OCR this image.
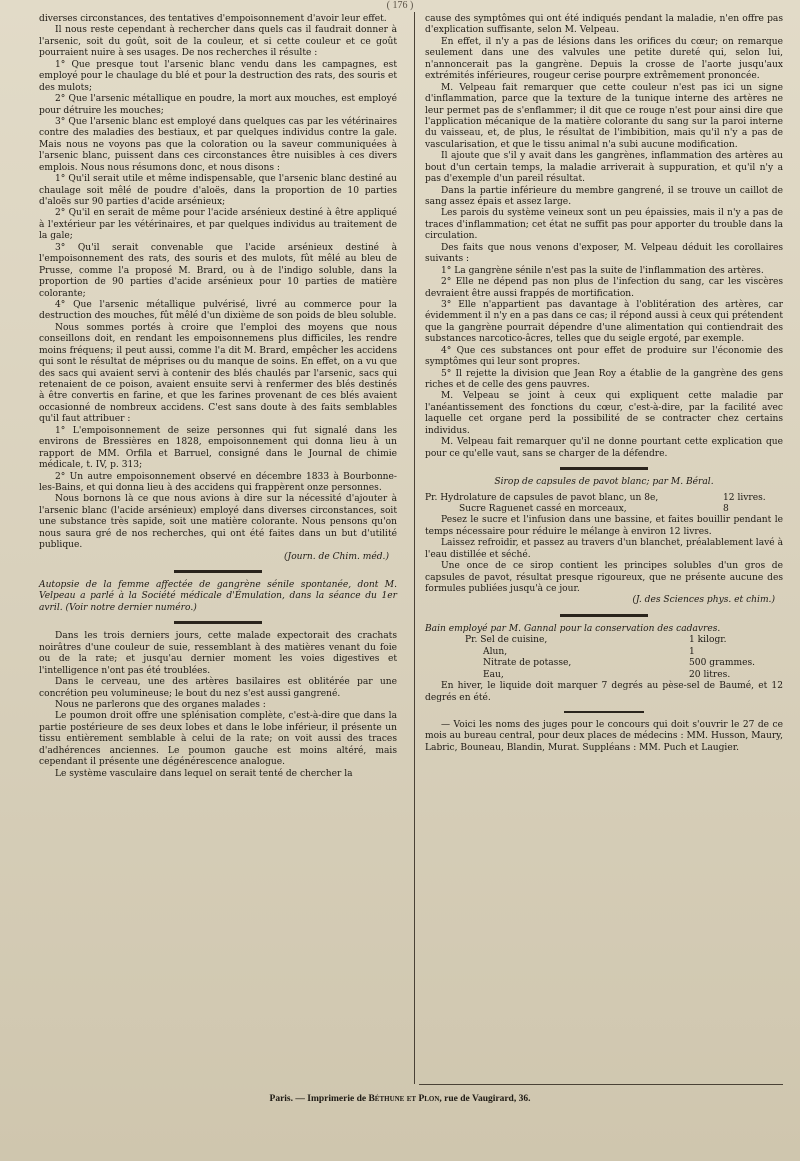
( 176 )

diverses circonstances, des tentatives d'empoisonnement d'avoir leur effet.

Il nous reste cependant à rechercher dans quels cas il faudrait donner à l'arsenic, soit du goût, soit de la couleur, et si cette couleur et ce goût pourraient nuire à ses usages. De nos recherches il résulte :

1° Que presque tout l'arsenic blanc vendu dans les campagnes, est employé pour le chaulage du blé et pour la destruction des rats, des souris et des mulots;

2° Que l'arsenic métallique en poudre, la mort aux mouches, est employé pour détruire les mouches;

3° Que l'arsenic blanc est employé dans quelques cas par les vétérinaires contre des maladies des bestiaux, et par quelques individus contre la gale. Mais nous ne voyons pas que la coloration ou la saveur communiquées à l'arsenic blanc, puissent dans ces circonstances être nuisibles à ces divers emplois. Nous nous résumons donc, et nous disons :

1° Qu'il serait utile et même indispensable, que l'arsenic blanc destiné au chaulage soit mêlé de poudre d'aloës, dans la proportion de 10 parties d'aloës sur 90 parties d'acide arsénieux;

2° Qu'il en serait de même pour l'acide arsénieux destiné à être appliqué à l'extérieur par les vétérinaires, et par quelques individus au traitement de la gale;

3° Qu'il serait convenable que l'acide arsénieux destiné à l'empoisonnement des rats, des souris et des mulots, fût mêlé au bleu de Prusse, comme l'a proposé M. Brard, ou à de l'indigo soluble, dans la proportion de 90 parties d'acide arsénieux pour 10 parties de matière colorante;

4° Que l'arsenic métallique pulvérisé, livré au commerce pour la destruction des mouches, fût mêlé d'un dixième de son poids de bleu soluble.

Nous sommes portés à croire que l'emploi des moyens que nous conseillons doit, en rendant les empoisonnemens plus difficiles, les rendre moins fréquens; il peut aussi, comme l'a dit M. Brard, empêcher les accidens qui sont le résultat de méprises ou du manque de soins. En effet, on a vu que des sacs qui avaient servi à contenir des blés chaulés par l'arsenic, sacs qui retenaient de ce poison, avaient ensuite servi à renfermer des blés destinés à être convertis en farine, et que les farines provenant de ces blés avaient occasionné de nombreux accidens. C'est sans doute à des faits semblables qu'il faut attribuer :

1° L'empoisonnement de seize personnes qui fut signalé dans les environs de Bressières en 1828, empoisonnement qui donna lieu à un rapport de MM. Orfila et Barruel, consigné dans le Journal de chimie médicale, t. IV, p. 313;

2° Un autre empoisonnement observé en décembre 1833 à Bourbonne-les-Bains, et qui donna lieu à des accidens qui frappèrent onze personnes.

Nous bornons là ce que nous avions à dire sur la nécessité d'ajouter à l'arsenic blanc (l'acide arsénieux) employé dans diverses circonstances, soit une substance très sapide, soit une matière colorante. Nous pensons qu'on nous saura gré de nos recherches, qui ont été faites dans un but d'utilité publique.

(Journ. de Chim. méd.)

Autopsie de la femme affectée de gangrène sénile spontanée, dont M. Velpeau a parlé à la Société médicale d'Émulation, dans la séance du 1er avril. (Voir notre dernier numéro.)

Dans les trois derniers jours, cette malade expectorait des crachats noirâtres d'une couleur de suie, ressemblant à des matières venant du foie ou de la rate; et jusqu'au dernier moment les voies digestives et l'intelligence n'ont pas été troublées.

Dans le cerveau, une des artères basilaires est oblitérée par une concrétion peu volumineuse; le bout du nez s'est aussi gangrené.

Nous ne parlerons que des organes malades :

Le poumon droit offre une splénisation complète, c'est-à-dire que dans la partie postérieure de ses deux lobes et dans le lobe inférieur, il présente un tissu entièrement semblable à celui de la rate; on voit aussi des traces d'adhérences anciennes. Le poumon gauche est moins altéré, mais cependant il présente une dégénérescence analogue.

Le système vasculaire dans lequel on serait tenté de chercher la

cause des symptômes qui ont été indiqués pendant la maladie, n'en offre pas d'explication suffisante, selon M. Velpeau.

En effet, il n'y a pas de lésions dans les orifices du cœur; on remarque seulement dans une des valvules une petite dureté qui, selon lui, n'annoncerait pas la gangrène. Depuis la crosse de l'aorte jusqu'aux extrémités inférieures, rougeur cerise pourpre extrêmement prononcée.

M. Velpeau fait remarquer que cette couleur n'est pas ici un signe d'inflammation, parce que la texture de la tunique interne des artères ne leur permet pas de s'enflammer; il dit que ce rouge n'est pour ainsi dire que l'application mécanique de la matière colorante du sang sur la paroi interne du vaisseau, et, de plus, le résultat de l'imbibition, mais qu'il n'y a pas de vascularisation, et que le tissu animal n'a subi aucune modification.

Il ajoute que s'il y avait dans les gangrènes, inflammation des artères au bout d'un certain temps, la maladie arriverait à suppuration, et qu'il n'y a pas d'exemple d'un pareil résultat.

Dans la partie inférieure du membre gangrené, il se trouve un caillot de sang assez épais et assez large.

Les parois du système veineux sont un peu épaissies, mais il n'y a pas de traces d'inflammation; cet état ne suffit pas pour apporter du trouble dans la circulation.

Des faits que nous venons d'exposer, M. Velpeau déduit les corollaires suivants :

1° La gangrène sénile n'est pas la suite de l'inflammation des artères.

2° Elle ne dépend pas non plus de l'infection du sang, car les viscères devraient être aussi frappés de mortification.

3° Elle n'appartient pas davantage à l'oblitération des artères, car évidemment il n'y en a pas dans ce cas; il répond aussi à ceux qui prétendent que la gangrène pourrait dépendre d'une alimentation qui contiendrait des substances narcotico-âcres, telles que du seigle ergoté, par exemple.

4° Que ces substances ont pour effet de produire sur l'économie des symptômes qui leur sont propres.

5° Il rejette la division que Jean Roy a établie de la gangrène des gens riches et de celle des gens pauvres.

M. Velpeau se joint à ceux qui expliquent cette maladie par l'anéantissement des fonctions du cœur, c'est-à-dire, par la facilité avec laquelle cet organe perd la possibilité de se contracter chez certains individus.

M. Velpeau fait remarquer qu'il ne donne pourtant cette explication que pour ce qu'elle vaut, sans se charger de la défendre.

Sirop de capsules de pavot blanc; par M. Béral.

Pr. Hydrolature de capsules de pavot blanc, un 8e,	12 livres.
Sucre Raguenet cassé en morceaux,	8

Pesez le sucre et l'infusion dans une bassine, et faites bouillir pendant le temps nécessaire pour réduire le mélange à environ 12 livres.

Laissez refroidir, et passez au travers d'un blanchet, préalablement lavé à l'eau distillée et séché.

Une once de ce sirop contient les principes solubles d'un gros de capsules de pavot, résultat presque rigoureux, que ne présente aucune des formules publiées jusqu'à ce jour.

(J. des Sciences phys. et chim.)

Bain employé par M. Gannal pour la conservation des cadavres.

Pr. Sel de cuisine,	1 kilogr.
Alun,	1
Nitrate de potasse,	500 grammes.
Eau,	20 litres.

En hiver, le liquide doit marquer 7 degrés au pèse-sel de Baumé, et 12 degrés en été.

— Voici les noms des juges pour le concours qui doit s'ouvrir le 27 de ce mois au bureau central, pour deux places de médecins : MM. Husson, Maury, Labric, Bouneau, Blandin, Murat. Suppléans : MM. Puch et Laugier.

Paris. — Imprimerie de Béthune et Plon, rue de Vaugirard, 36.
